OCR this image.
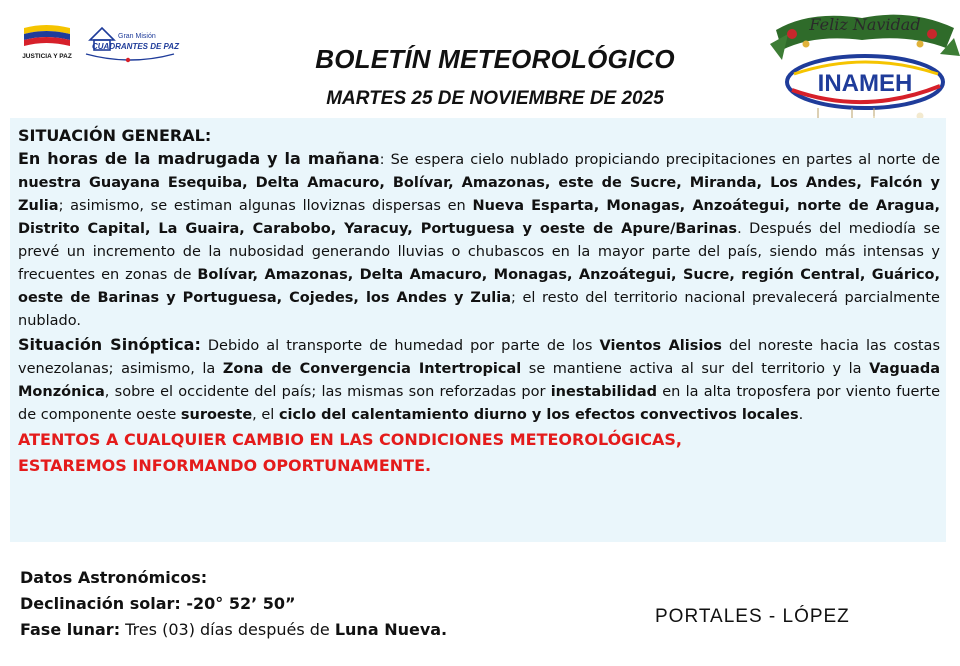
JUSTICIA Y PAZ
Gran Misión
CUADRANTES DE PAZ	BOLETÍN METEOROLÓGICO
MARTES 25 DE NOVIEMBRE DE 2025
Feliz Navidad
INAMEH

SITUACIÓN GENERAL:

En horas de la madrugada y la mañana: Se espera cielo nublado propiciando precipitaciones en partes al norte de nuestra Guayana Esequiba, Delta Amacuro, Bolívar, Amazonas, este de Sucre, Miranda, Los Andes, Falcón y Zulia; asimismo, se estiman algunas lloviznas dispersas en Nueva Esparta, Monagas, Anzoátegui, norte de Aragua, Distrito Capital, La Guaira, Carabobo, Yaracuy, Portuguesa y oeste de Apure/Barinas. Después del mediodía se prevé un incremento de la nubosidad generando lluvias o chubascos en la mayor parte del país, siendo más intensas y frecuentes en zonas de Bolívar, Amazonas, Delta Amacuro, Monagas, Anzoátegui, Sucre, región Central, Guárico, oeste de Barinas y Portuguesa, Cojedes, los Andes y Zulia; el resto del territorio nacional prevalecerá parcialmente nublado.

Situación Sinóptica: Debido al transporte de humedad por parte de los Vientos Alisios del noreste hacia las costas venezolanas; asimismo, la Zona de Convergencia Intertropical se mantiene activa al sur del territorio y la Vaguada Monzónica, sobre el occidente del país; las mismas son reforzadas por inestabilidad en la alta troposfera por viento fuerte de componente oeste suroeste, el ciclo del calentamiento diurno y los efectos convectivos locales.

ATENTOS A CUALQUIER CAMBIO EN LAS CONDICIONES METEOROLÓGICAS,

ESTAREMOS INFORMANDO OPORTUNAMENTE.

Datos Astronómicos:
Declinación solar: -20° 52’ 50”
Fase lunar: Tres (03) días después de Luna Nueva.
PORTALES - LÓPEZ
